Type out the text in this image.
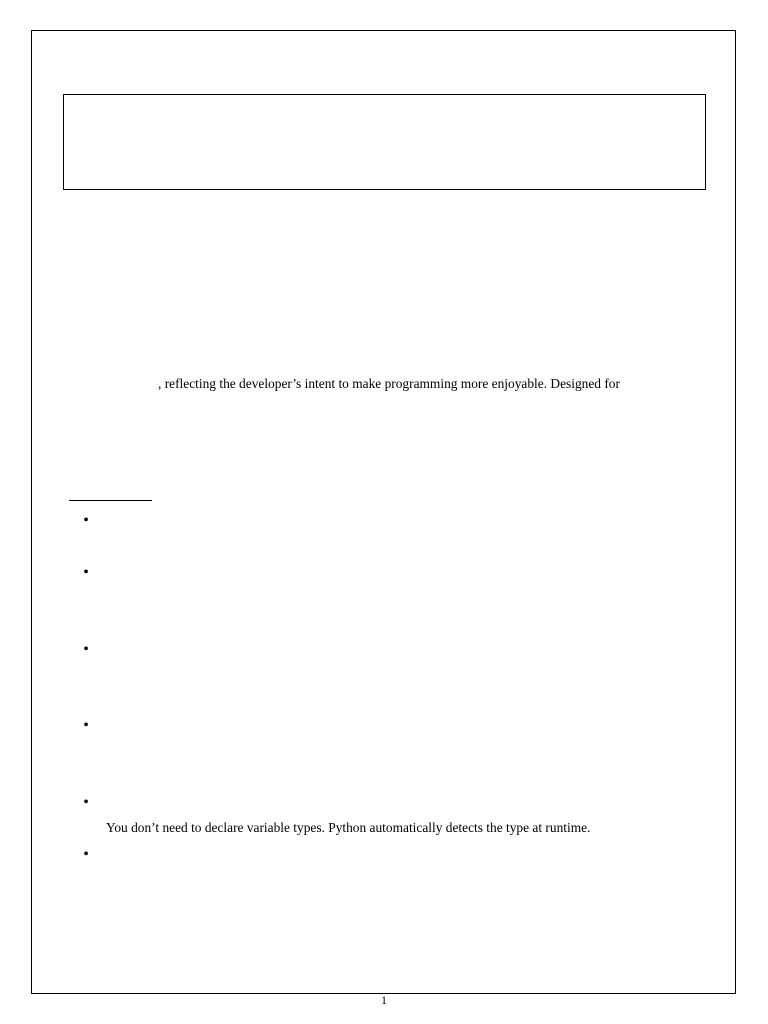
, reflecting the developer’s intent to make programming more enjoyable. Designed for
•
•
•
•
•
You don’t need to declare variable types. Python automatically detects the type at runtime.
•
1
